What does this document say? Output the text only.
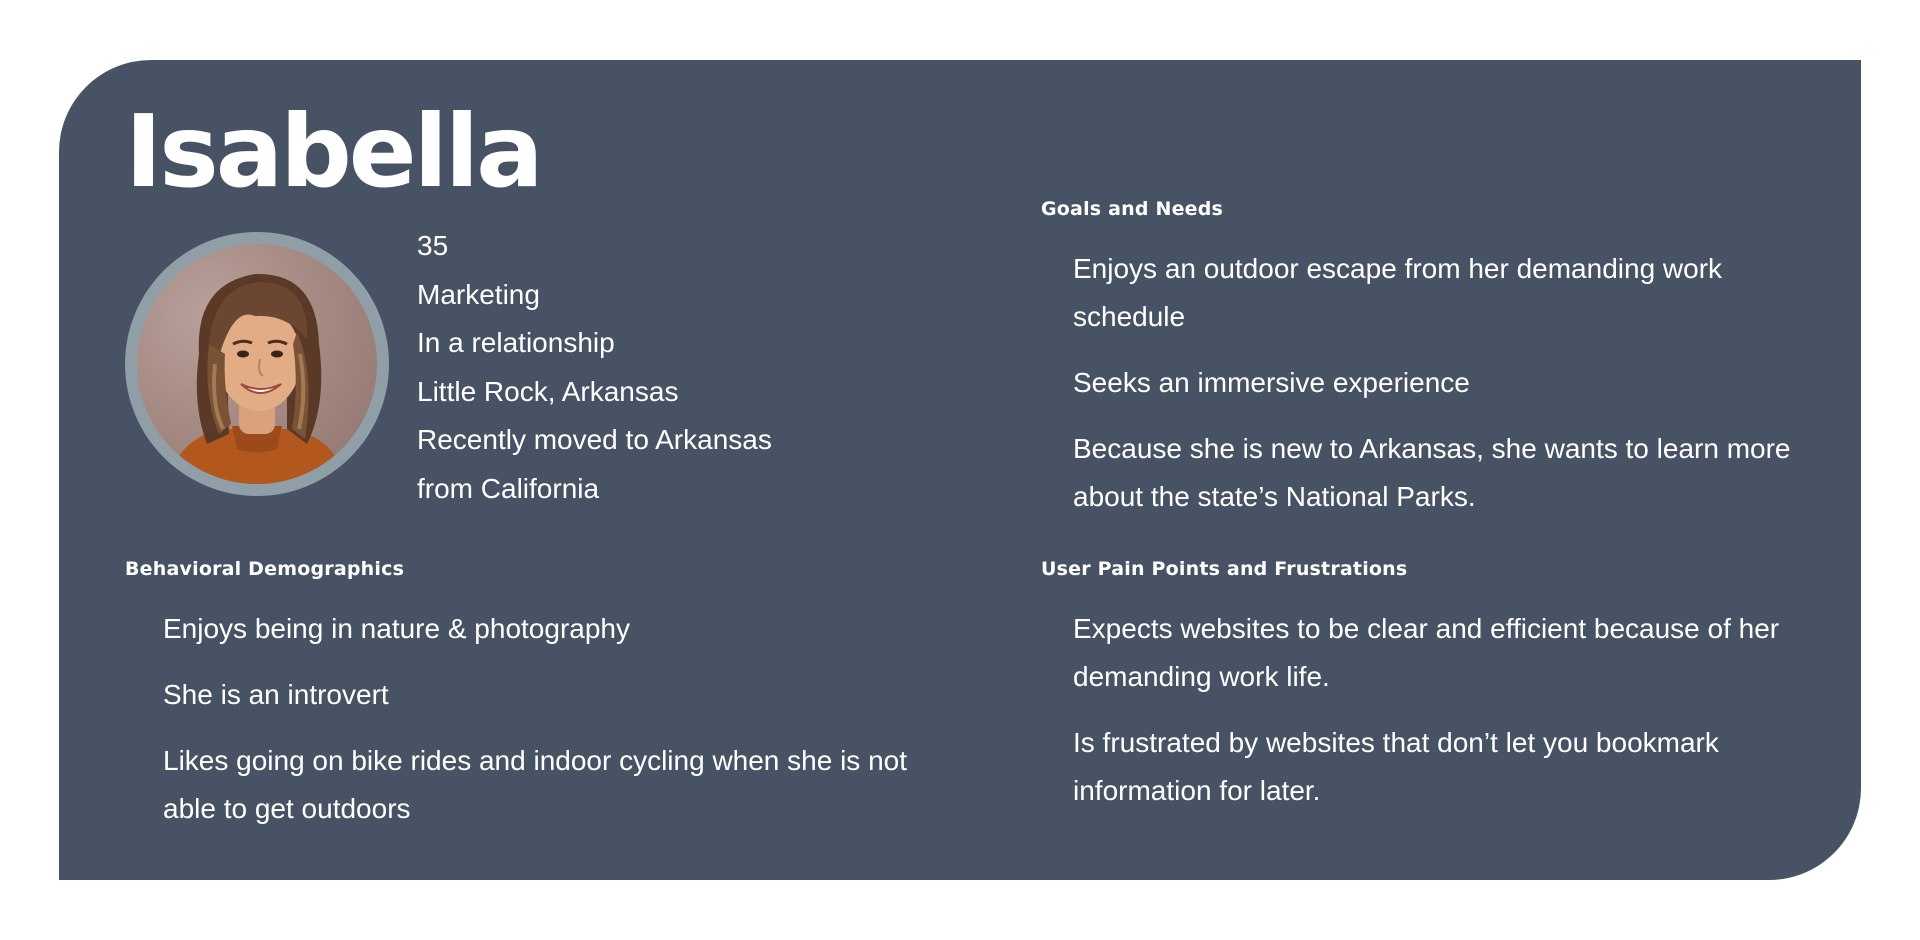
Isabella
35
Marketing
In a relationship
Little Rock, Arkansas
Recently moved to Arkansas
from California
Behavioral Demographics
Enjoys being in nature & photography
She is an introvert
Likes going on bike rides and indoor cycling when she is not able to get outdoors
Goals and Needs
Enjoys an outdoor escape from her demanding work schedule
Seeks an immersive experience
Because she is new to Arkansas, she wants to learn more about the state’s National Parks.
User Pain Points and Frustrations
Expects websites to be clear and efficient because of her demanding work life.
Is frustrated by websites that don’t let you bookmark information for later.
